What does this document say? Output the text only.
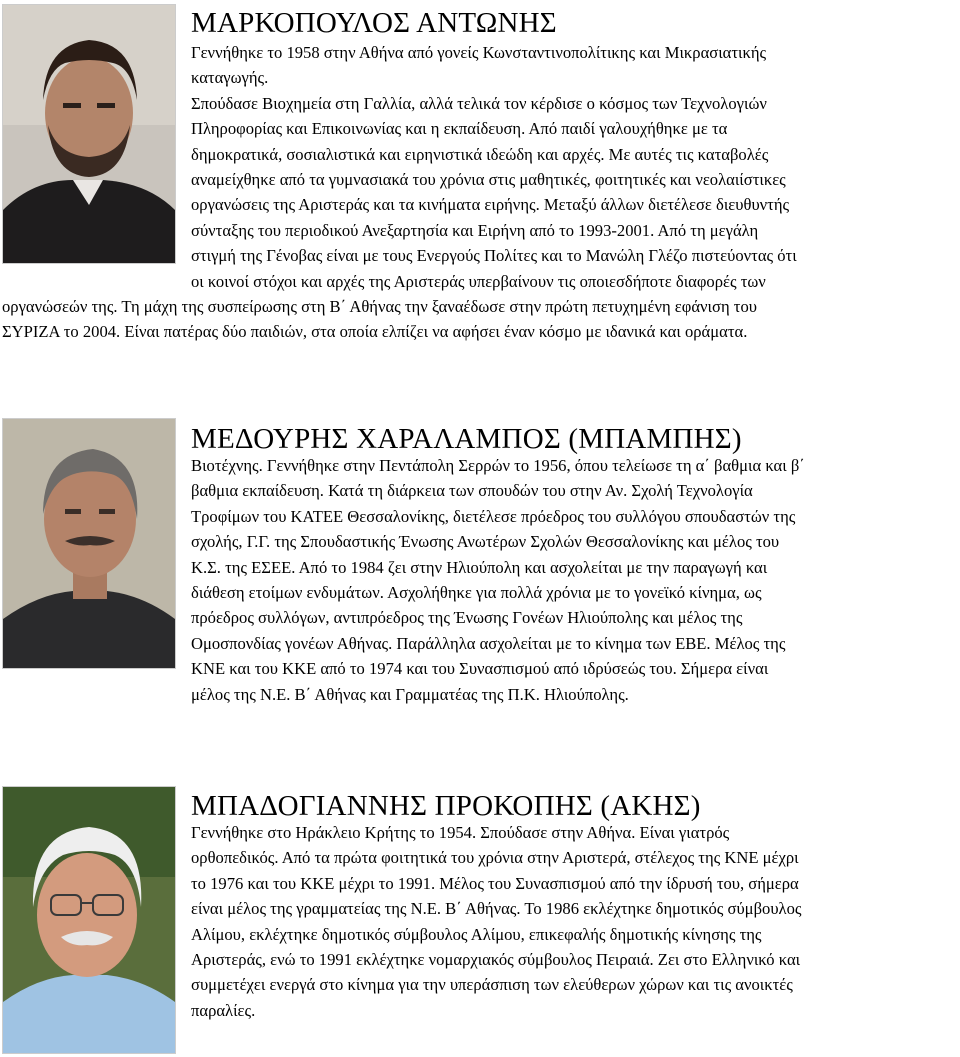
ΜΑΡΚΟΠΟΥΛΟΣ ΑΝΤΩΝΗΣ
Γεννήθηκε το 1958 στην Αθήνα από γονείς Κωνσταντινοπολίτικης και Μικρασιατικής
καταγωγής.
Σπούδασε Βιοχημεία στη Γαλλία, αλλά τελικά τον κέρδισε ο κόσμος των Τεχνολογιών
Πληροφορίας και Επικοινωνίας και η εκπαίδευση. Από παιδί γαλουχήθηκε με τα
δημοκρατικά, σοσιαλιστικά και ειρηνιστικά ιδεώδη και αρχές. Με αυτές τις καταβολές
αναμείχθηκε από τα γυμνασιακά του χρόνια στις μαθητικές, φοιτητικές και νεολαιίστικες
οργανώσεις της Αριστεράς και τα κινήματα ειρήνης. Μεταξύ άλλων διετέλεσε διευθυντής
σύνταξης του περιοδικού Ανεξαρτησία και Ειρήνη από το 1993-2001. Από τη μεγάλη
στιγμή της Γένοβας είναι με τους Ενεργούς Πολίτες και το Μανώλη Γλέζο πιστεύοντας ότι
οι κοινοί στόχοι και αρχές της Αριστεράς υπερβαίνουν τις οποιεσδήποτε διαφορές των
οργανώσεών της. Τη μάχη της συσπείρωσης στη Β΄ Αθήνας την ξαναέδωσε στην πρώτη πετυχημένη εφάνιση του
ΣΥΡΙΖΑ το 2004. Είναι πατέρας δύο παιδιών, στα οποία ελπίζει να αφήσει έναν κόσμο με ιδανικά και οράματα.
ΜΕΔΟΥΡΗΣ ΧΑΡΑΛΑΜΠΟΣ (ΜΠΑΜΠΗΣ)
Βιοτέχνης. Γεννήθηκε στην Πεντάπολη Σερρών το 1956, όπου τελείωσε τη α΄ βαθμια και β΄
βαθμια εκπαίδευση. Κατά τη διάρκεια των σπουδών του στην Αν. Σχολή Τεχνολογία
Τροφίμων του ΚΑΤΕΕ Θεσσαλονίκης, διετέλεσε πρόεδρος του συλλόγου σπουδαστών της
σχολής, Γ.Γ. της Σπουδαστικής Ένωσης Ανωτέρων Σχολών Θεσσαλονίκης και μέλος του
Κ.Σ. της ΕΣΕΕ. Από το 1984 ζει στην Ηλιούπολη και ασχολείται με την παραγωγή και
διάθεση ετοίμων ενδυμάτων. Ασχολήθηκε για πολλά χρόνια με το γονεϊκό κίνημα, ως
πρόεδρος συλλόγων, αντιπρόεδρος της Ένωσης Γονέων Ηλιούπολης και μέλος της
Ομοσπονδίας γονέων Αθήνας. Παράλληλα ασχολείται με το κίνημα των ΕΒΕ. Μέλος της
ΚΝΕ και του ΚΚΕ από το 1974 και του Συνασπισμού από ιδρύσεώς του. Σήμερα είναι
μέλος της Ν.Ε. Β΄ Αθήνας και Γραμματέας της Π.Κ. Ηλιούπολης.
ΜΠΑΔΟΓΙΑΝΝΗΣ ΠΡΟΚΟΠΗΣ (ΑΚΗΣ)
Γεννήθηκε στο Ηράκλειο Κρήτης το 1954. Σπούδασε στην Αθήνα. Είναι γιατρός
ορθοπεδικός. Από τα πρώτα φοιτητικά του χρόνια στην Αριστερά, στέλεχος της ΚΝΕ μέχρι
το 1976 και του ΚΚΕ μέχρι το 1991. Μέλος του Συνασπισμού από την ίδρυσή του, σήμερα
είναι μέλος της γραμματείας της Ν.Ε. Β΄ Αθήνας. Το 1986 εκλέχτηκε δημοτικός σύμβουλος
Αλίμου, εκλέχτηκε δημοτικός σύμβουλος Αλίμου, επικεφαλής δημοτικής κίνησης της
Αριστεράς, ενώ το 1991 εκλέχτηκε νομαρχιακός σύμβουλος Πειραιά. Ζει στο Ελληνικό και
συμμετέχει ενεργά στο κίνημα για την υπεράσπιση των ελεύθερων χώρων και τις ανοικτές
παραλίες.
